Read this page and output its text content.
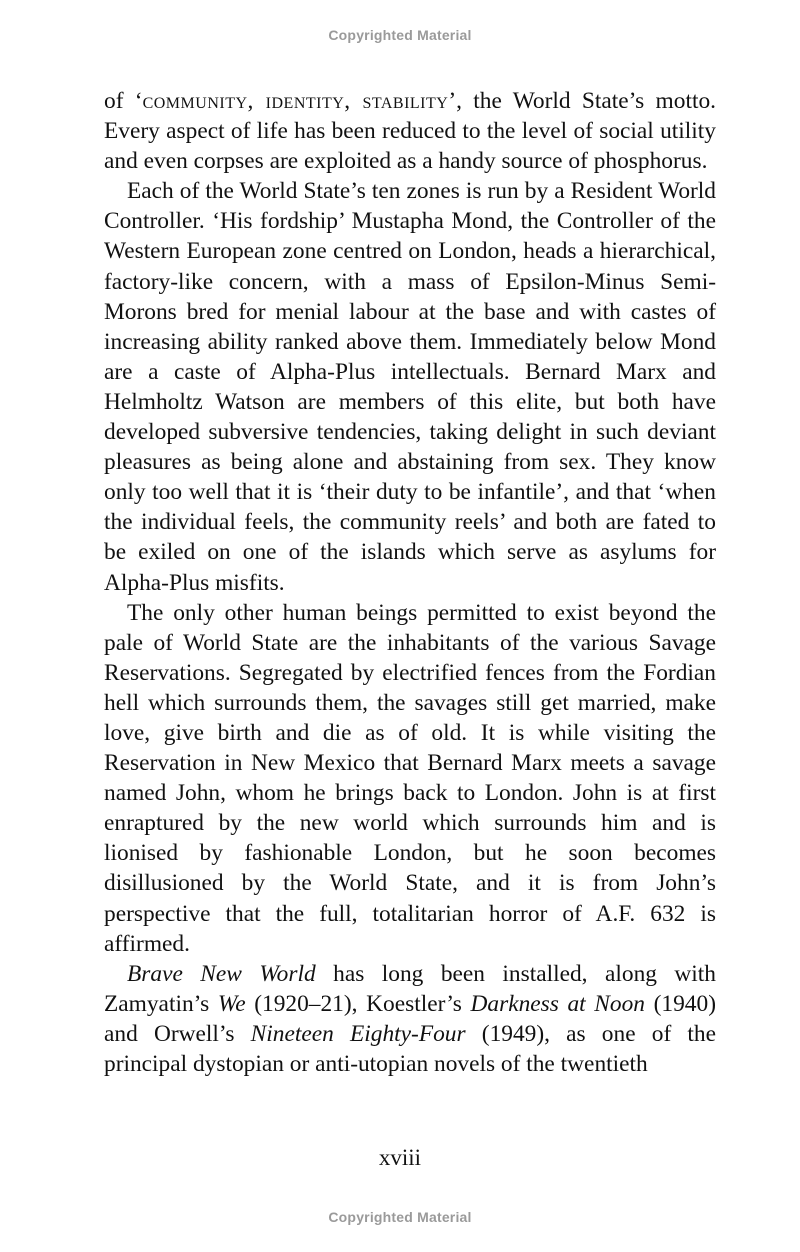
Copyrighted Material

of ‘community, identity, stability’, the World State’s motto. Every aspect of life has been reduced to the level of social utility and even corpses are exploited as a handy source of phosphorus.

Each of the World State’s ten zones is run by a Resident World Controller. ‘His fordship’ Mustapha Mond, the Controller of the Western European zone centred on London, heads a hierarchical, factory-like concern, with a mass of Epsilon-Minus Semi-Morons bred for menial labour at the base and with castes of increasing ability ranked above them. Immediately below Mond are a caste of Alpha-Plus intellectuals. Bernard Marx and Helmholtz Watson are members of this elite, but both have developed subversive tendencies, taking delight in such deviant pleasures as being alone and abstaining from sex. They know only too well that it is ‘their duty to be infantile’, and that ‘when the individual feels, the community reels’ and both are fated to be exiled on one of the islands which serve as asylums for Alpha-Plus misfits.

The only other human beings permitted to exist beyond the pale of World State are the inhabitants of the various Savage Reservations. Segregated by electrified fences from the Fordian hell which surrounds them, the savages still get married, make love, give birth and die as of old. It is while visiting the Reservation in New Mexico that Bernard Marx meets a savage named John, whom he brings back to London. John is at first enraptured by the new world which surrounds him and is lionised by fashionable London, but he soon becomes disillusioned by the World State, and it is from John’s perspective that the full, totalitarian horror of A.F. 632 is affirmed.

Brave New World has long been installed, along with Zamyatin’s We (1920–21), Koestler’s Darkness at Noon (1940) and Orwell’s Nineteen Eighty-Four (1949), as one of the principal dystopian or anti-utopian novels of the twentieth

xviii
Copyrighted Material
